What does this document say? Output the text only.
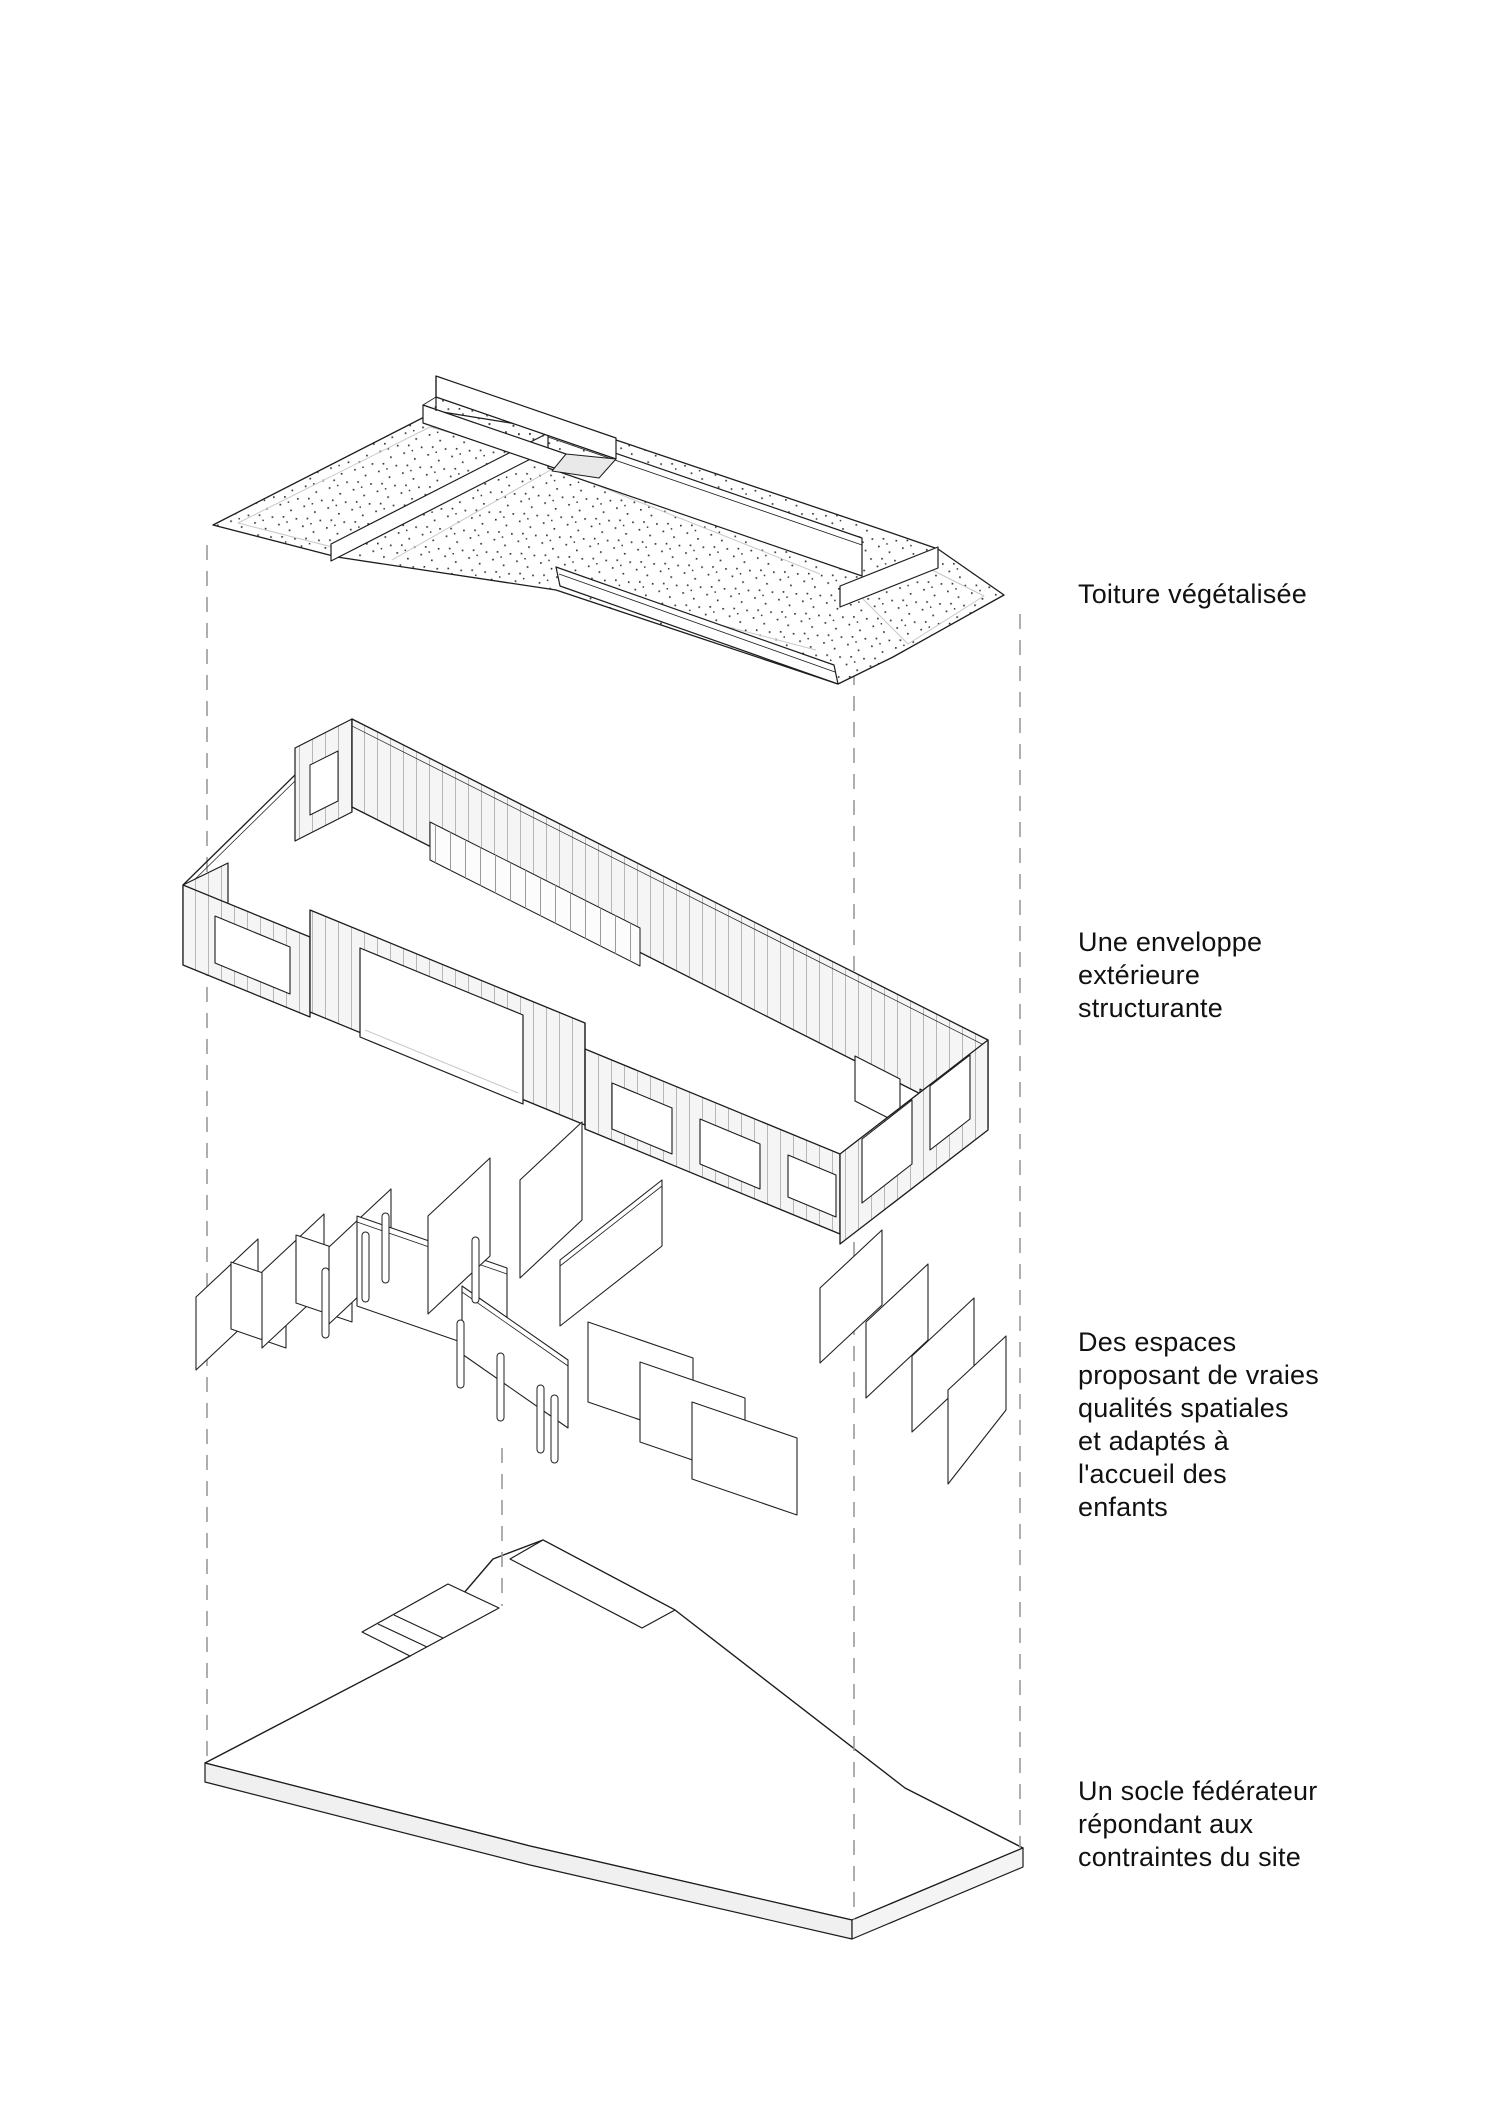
Toiture végétalisée
Une enveloppe
extérieure
structurante
Des espaces
proposant de vraies
qualités spatiales
et adaptés à
l'accueil des
enfants
Un socle fédérateur
répondant aux
contraintes du site
